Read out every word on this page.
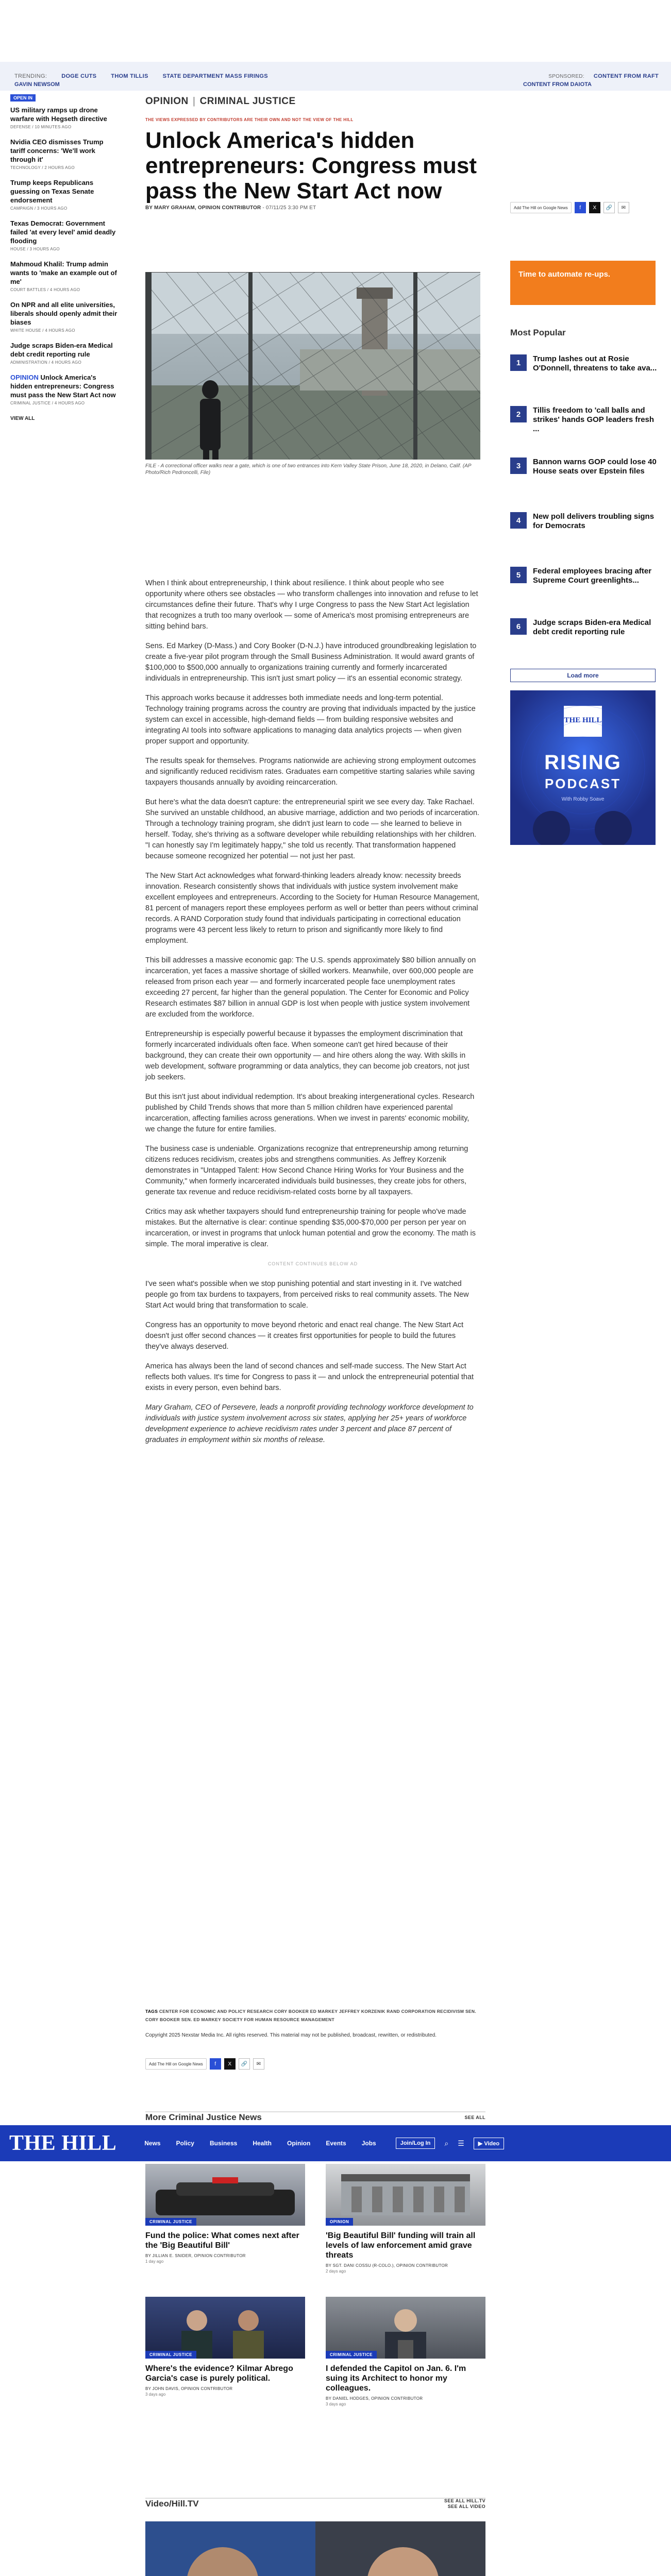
TRENDING:	DOGE CUTS	THOM TILLIS	STATE DEPARTMENT MASS FIRINGS	SPONSORED: CONTENT FROM RAFT
GAVIN NEWSOM	CONTENT FROM DAIOTA
OPEN IN
US military ramps up drone warfare with Hegseth directive
DEFENSE / 10 MINUTES AGO
Nvidia CEO dismisses Trump tariff concerns: 'We'll work through it'
TECHNOLOGY / 2 HOURS AGO
Trump keeps Republicans guessing on Texas Senate endorsement
CAMPAIGN / 3 HOURS AGO
Texas Democrat: Government failed 'at every level' amid deadly flooding
HOUSE / 3 HOURS AGO
Mahmoud Khalil: Trump admin wants to 'make an example out of me'
COURT BATTLES / 4 HOURS AGO
On NPR and all elite universities, liberals should openly admit their biases
WHITE HOUSE / 4 HOURS AGO
Judge scraps Biden-era Medical debt credit reporting rule
ADMINISTRATION / 4 HOURS AGO
OPINION Unlock America's hidden entrepreneurs: Congress must pass the New Start Act now
CRIMINAL JUSTICE / 4 HOURS AGO
VIEW ALL
OPINION | CRIMINAL JUSTICE
THE VIEWS EXPRESSED BY CONTRIBUTORS ARE THEIR OWN AND NOT THE VIEW OF THE HILL
Unlock America's hidden entrepreneurs: Congress must pass the New Start Act now
BY MARY GRAHAM, OPINION CONTRIBUTOR - 07/11/25 3:30 PM ET	Add The Hill on Google News	f	X	🔗	✉
FILE - A correctional officer walks near a gate, which is one of two entrances into Kern Valley State Prison, June 18, 2020, in Delano, Calif. (AP Photo/Rich Pedroncelli, File)

When I think about entrepreneurship, I think about resilience. I think about people who see opportunity where others see obstacles — who transform challenges into innovation and refuse to let circumstances define their future. That's why I urge Congress to pass the New Start Act legislation that recognizes a truth too many overlook — some of America's most promising entrepreneurs are sitting behind bars.

Sens. Ed Markey (D-Mass.) and Cory Booker (D-N.J.) have introduced groundbreaking legislation to create a five-year pilot program through the Small Business Administration. It would award grants of $100,000 to $500,000 annually to organizations training currently and formerly incarcerated individuals in entrepreneurship. This isn't just smart policy — it's an essential economic strategy.

This approach works because it addresses both immediate needs and long-term potential. Technology training programs across the country are proving that individuals impacted by the justice system can excel in accessible, high-demand fields — from building responsive websites and integrating AI tools into software applications to managing data analytics projects — when given proper support and opportunity.

The results speak for themselves. Programs nationwide are achieving strong employment outcomes and significantly reduced recidivism rates. Graduates earn competitive starting salaries while saving taxpayers thousands annually by avoiding reincarceration.

But here's what the data doesn't capture: the entrepreneurial spirit we see every day. Take Rachael. She survived an unstable childhood, an abusive marriage, addiction and two periods of incarceration. Through a technology training program, she didn't just learn to code — she learned to believe in herself. Today, she's thriving as a software developer while rebuilding relationships with her children. "I can honestly say I'm legitimately happy," she told us recently. That transformation happened because someone recognized her potential — not just her past.

The New Start Act acknowledges what forward-thinking leaders already know: necessity breeds innovation. Research consistently shows that individuals with justice system involvement make excellent employees and entrepreneurs. According to the Society for Human Resource Management, 81 percent of managers report these employees perform as well or better than peers without criminal records. A RAND Corporation study found that individuals participating in correctional education programs were 43 percent less likely to return to prison and significantly more likely to find employment.

This bill addresses a massive economic gap: The U.S. spends approximately $80 billion annually on incarceration, yet faces a massive shortage of skilled workers. Meanwhile, over 600,000 people are released from prison each year — and formerly incarcerated people face unemployment rates exceeding 27 percent, far higher than the general population. The Center for Economic and Policy Research estimates $87 billion in annual GDP is lost when people with justice system involvement are excluded from the workforce.

Entrepreneurship is especially powerful because it bypasses the employment discrimination that formerly incarcerated individuals often face. When someone can't get hired because of their background, they can create their own opportunity — and hire others along the way. With skills in web development, software programming or data analytics, they can become job creators, not just job seekers.

But this isn't just about individual redemption. It's about breaking intergenerational cycles. Research published by Child Trends shows that more than 5 million children have experienced parental incarceration, affecting families across generations. When we invest in parents' economic mobility, we change the future for entire families.

The business case is undeniable. Organizations recognize that entrepreneurship among returning citizens reduces recidivism, creates jobs and strengthens communities. As Jeffrey Korzenik demonstrates in "Untapped Talent: How Second Chance Hiring Works for Your Business and the Community," when formerly incarcerated individuals build businesses, they create jobs for others, generate tax revenue and reduce recidivism-related costs borne by all taxpayers.

Critics may ask whether taxpayers should fund entrepreneurship training for people who've made mistakes. But the alternative is clear: continue spending $35,000-$70,000 per person per year on incarceration, or invest in programs that unlock human potential and grow the economy. The math is simple. The moral imperative is clear.

CONTENT CONTINUES BELOW AD

I've seen what's possible when we stop punishing potential and start investing in it. I've watched people go from tax burdens to taxpayers, from perceived risks to real community assets. The New Start Act would bring that transformation to scale.

Congress has an opportunity to move beyond rhetoric and enact real change. The New Start Act doesn't just offer second chances — it creates first opportunities for people to build the futures they've always deserved.

America has always been the land of second chances and self-made success. The New Start Act reflects both values. It's time for Congress to pass it — and unlock the entrepreneurial potential that exists in every person, even behind bars.

Mary Graham, CEO of Persevere, leads a nonprofit providing technology workforce development to individuals with justice system involvement across six states, applying her 25+ years of workforce development experience to achieve recidivism rates under 3 percent and place 87 percent of graduates in employment within six months of release.

TAGS CENTER FOR ECONOMIC AND POLICY RESEARCH CORY BOOKER ED MARKEY JEFFREY KORZENIK RAND CORPORATION RECIDIVISM SEN. CORY BOOKER SEN. ED MARKEY SOCIETY FOR HUMAN RESOURCE MANAGEMENT
Copyright 2025 Nexstar Media Inc. All rights reserved. This material may not be published, broadcast, rewritten, or redistributed.
Add The Hill on Google News	f	X	🔗	✉
Time to automate re-ups.
Most Popular
1	Trump lashes out at Rosie O'Donnell, threatens to take ava...
2	Tillis freedom to 'call balls and strikes' hands GOP leaders fresh ...
3	Bannon warns GOP could lose 40 House seats over Epstein files
4	New poll delivers troubling signs for Democrats
5	Federal employees bracing after Supreme Court greenlights...
6	Judge scraps Biden-era Medical debt credit reporting rule
Load more
THE HILL
RISING
PODCAST
With Robby Soave
THE HILL	News	Policy	Business	Health	Opinion	Events	Jobs	Join/Log In	⌕ ☰	▶ Video
More Criminal Justice News	SEE ALL
CRIMINAL JUSTICE
Fund the police: What comes next after the 'Big Beautiful Bill'
BY JILLIAN E. SNIDER, OPINION CONTRIBUTOR
1 day ago
OPINION
'Big Beautiful Bill' funding will train all levels of law enforcement amid grave threats
BY SGT. DANI COSSU (R-COLO.), OPINION CONTRIBUTOR
2 days ago
CRIMINAL JUSTICE
Where's the evidence? Kilmar Abrego Garcia's case is purely political.
BY JOHN DAVIS, OPINION CONTRIBUTOR
3 days ago
CRIMINAL JUSTICE
I defended the Capitol on Jan. 6. I'm suing its Architect to honor my colleagues.
BY DANIEL HODGES, OPINION CONTRIBUTOR
3 days ago
Video/Hill.TV	SEE ALL HILL.TV
SEE ALL VIDEO
